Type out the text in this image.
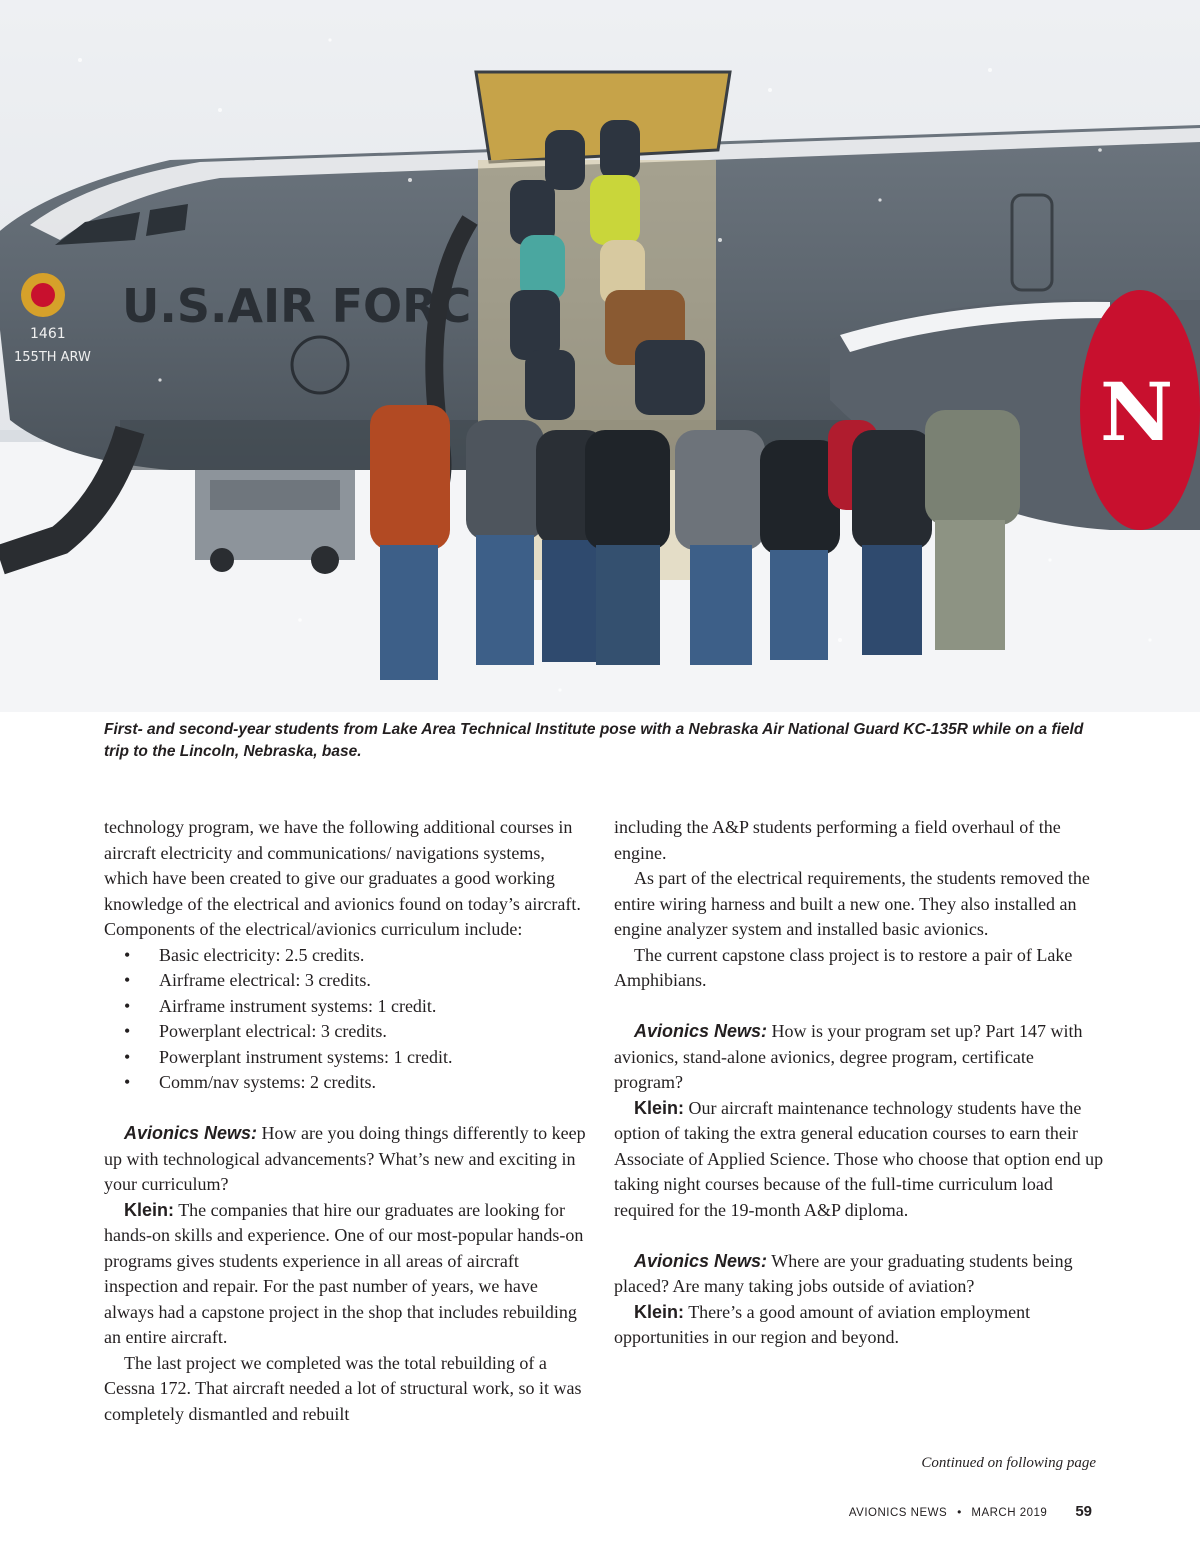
U.S.AIR FORC
1461
155TH ARW
N

First- and second-year students from Lake Area Technical Institute pose with a Nebraska Air National Guard KC-135R while on a field trip to the Lincoln, Nebraska, base.

technology program, we have the following additional courses in aircraft electricity and communications/ navigations systems, which have been created to give our graduates a good working knowledge of the electrical and avionics found on today’s aircraft. Components of the electrical/avionics curriculum include:

• Basic electricity: 2.5 credits.
• Airframe electrical: 3 credits.
• Airframe instrument systems: 1 credit.
• Powerplant electrical: 3 credits.
• Powerplant instrument systems: 1 credit.
• Comm/nav systems: 2 credits.

Avionics News: How are you doing things differently to keep up with technological advancements? What’s new and exciting in your curriculum?

Klein: The companies that hire our graduates are looking for hands-on skills and experience. One of our most-popular hands-on programs gives students experience in all areas of aircraft inspection and repair. For the past number of years, we have always had a capstone project in the shop that includes rebuilding an entire aircraft.

The last project we completed was the total rebuilding of a Cessna 172. That aircraft needed a lot of structural work, so it was completely dismantled and rebuilt

including the A&P students performing a field overhaul of the engine.

As part of the electrical requirements, the students removed the entire wiring harness and built a new one. They also installed an engine analyzer system and installed basic avionics.

The current capstone class project is to restore a pair of Lake Amphibians.

Avionics News: How is your program set up? Part 147 with avionics, stand-alone avionics, degree program, certificate program?

Klein: Our aircraft maintenance technology students have the option of taking the extra general education courses to earn their Associate of Applied Science. Those who choose that option end up taking night courses because of the full-time curriculum load required for the 19-month A&P diploma.

Avionics News: Where are your graduating students being placed? Are many taking jobs outside of aviation?

Klein: There’s a good amount of aviation employment opportunities in our region and beyond.

Continued on following page
AVIONICS NEWS • MARCH 2019 59
